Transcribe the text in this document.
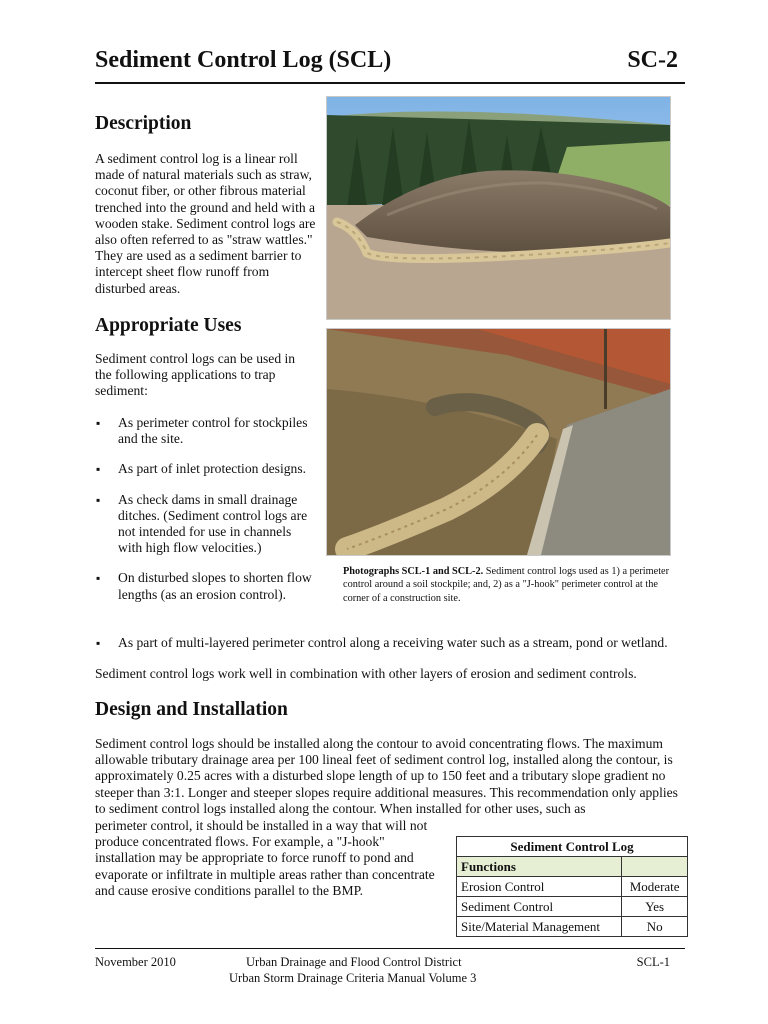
Sediment Control Log (SCL)	SC-2
Description

A sediment control log is a linear roll made of natural materials such as straw, coconut fiber, or other fibrous material trenched into the ground and held with a wooden stake. Sediment control logs are also often referred to as "straw wattles." They are used as a sediment barrier to intercept sheet flow runoff from disturbed areas.

Photographs SCL-1 and SCL-2. Sediment control logs used as 1) a perimeter control around a soil stockpile; and, 2) as a "J-hook" perimeter control at the corner of a construction site.

Appropriate Uses

Sediment control logs can be used in the following applications to trap sediment:

▪ As perimeter control for stockpiles and the site.
▪ As part of inlet protection designs.
▪ As check dams in small drainage ditches. (Sediment control logs are not intended for use in channels with high flow velocities.)
▪ On disturbed slopes to shorten flow lengths (as an erosion control).
▪ As part of multi-layered perimeter control along a receiving water such as a stream, pond or wetland.

Sediment control logs work well in combination with other layers of erosion and sediment controls.

Design and Installation

Sediment control logs should be installed along the contour to avoid concentrating flows. The maximum allowable tributary drainage area per 100 lineal feet of sediment control log, installed along the contour, is approximately 0.25 acres with a disturbed slope length of up to 150 feet and a tributary slope gradient no steeper than 3:1. Longer and steeper slopes require additional measures. This recommendation only applies to sediment control logs installed along the contour. When installed for other uses, such as

perimeter control, it should be installed in a way that will not produce concentrated flows. For example, a "J-hook" installation may be appropriate to force runoff to pond and evaporate or infiltrate in multiple areas rather than concentrate and cause erosive conditions parallel to the BMP.

Sediment Control Log	
Functions	
Erosion Control	Moderate
Sediment Control	Yes
Site/Material Management	No
November 2010	Urban Drainage and Flood Control District
Urban Storm Drainage Criteria Manual Volume 3
SCL-1
